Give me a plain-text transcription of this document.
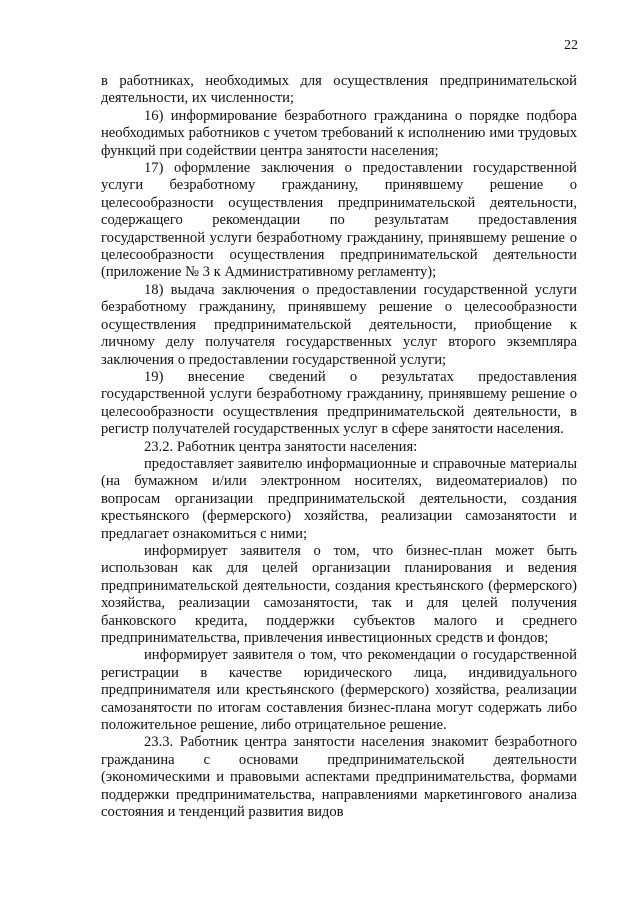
22

в работниках, необходимых для осуществления предпринимательской деятельности, их численности;

16) информирование безработного гражданина о порядке подбора необходимых работников с учетом требований к исполнению ими трудовых функций при содействии центра занятости населения;

17) оформление заключения о предоставлении государственной услуги безработному гражданину, принявшему решение о целесообразности осуществления предпринимательской деятельности, содержащего рекомендации по результатам предоставления государственной услуги безработному гражданину, принявшему решение о целесообразности осуществления предпринимательской деятельности (приложение № 3 к Административному регламенту);

18) выдача заключения о предоставлении государственной услуги безработному гражданину, принявшему решение о целесообразности осуществления предпринимательской деятельности, приобщение к личному делу получателя государственных услуг второго экземпляра заключения о предоставлении государственной услуги;

19) внесение сведений о результатах предоставления государственной услуги безработному гражданину, принявшему решение о целесообразности осуществления предпринимательской деятельности, в регистр получателей государственных услуг в сфере занятости населения.

23.2. Работник центра занятости населения:

предоставляет заявителю информационные и справочные материалы (на бумажном и/или электронном носителях, видеоматериалов) по вопросам организации предпринимательской деятельности, создания крестьянского (фермерского) хозяйства, реализации самозанятости и предлагает ознакомиться с ними;

информирует заявителя о том, что бизнес-план может быть использован как для целей организации планирования и ведения предпринимательской деятельности, создания крестьянского (фермерского) хозяйства, реализации самозанятости, так и для целей получения банковского кредита, поддержки субъектов малого и среднего предпринимательства, привлечения инвестиционных средств и фондов;

информирует заявителя о том, что рекомендации о государственной регистрации в качестве юридического лица, индивидуального предпринимателя или крестьянского (фермерского) хозяйства, реализации самозанятости по итогам составления бизнес-плана могут содержать либо положительное решение, либо отрицательное решение.

23.3. Работник центра занятости населения знакомит безработного гражданина с основами предпринимательской деятельности (экономическими и правовыми аспектами предпринимательства, формами поддержки предпринимательства, направлениями маркетингового анализа состояния и тенденций развития видов
